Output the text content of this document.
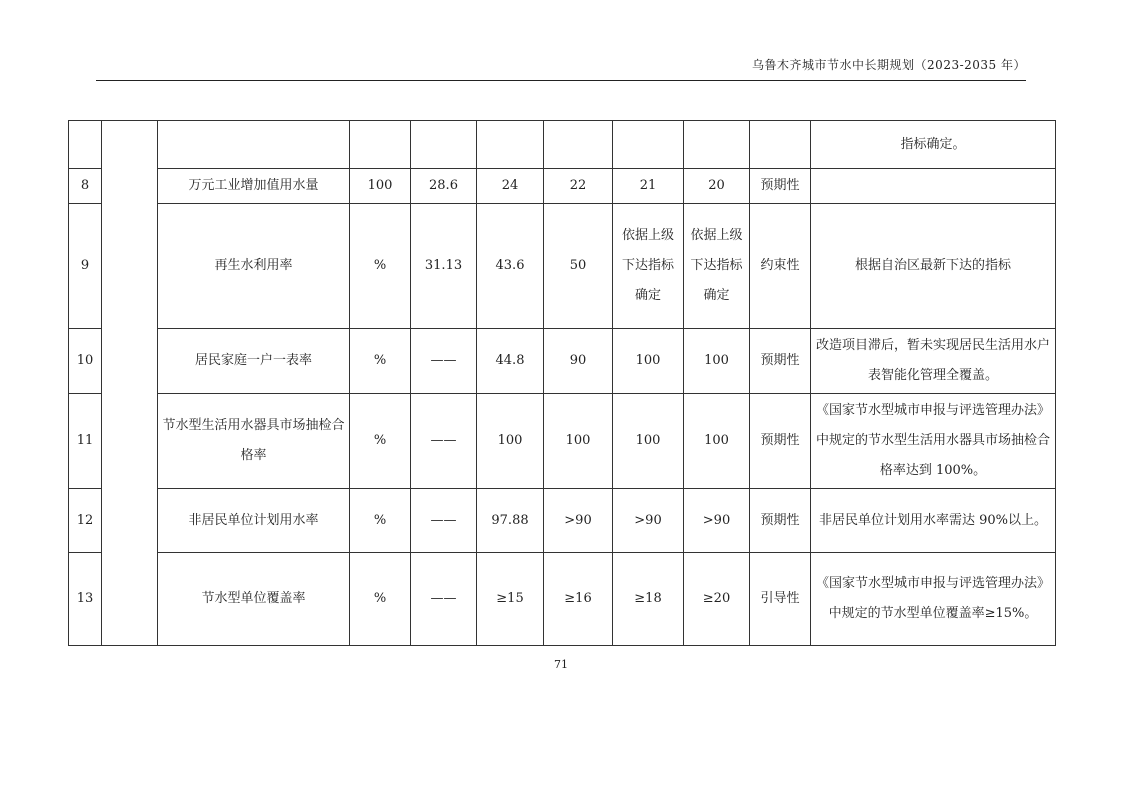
乌鲁木齐城市节水中长期规划（2023-2035 年）
										指标确定。
8		万元工业增加值用水量	100	28.6	24	22	21	20	预期性	
9		再生水利用率	%	31.13	43.6	50	依据上级下达指标确定	依据上级下达指标确定	约束性	根据自治区最新下达的指标
10		居民家庭一户一表率	%	——	44.8	90	100	100	预期性	改造项目滞后，暂未实现居民生活用水户表智能化管理全覆盖。
11		节水型生活用水器具市场抽检合格率	%	——	100	100	100	100	预期性	《国家节水型城市申报与评选管理办法》中规定的节水型生活用水器具市场抽检合格率达到 100%。
12		非居民单位计划用水率	%	——	97.88	>90	>90	>90	预期性	非居民单位计划用水率需达 90%以上。
13		节水型单位覆盖率	%	——	≥15	≥16	≥18	≥20	引导性	《国家节水型城市申报与评选管理办法》中规定的节水型单位覆盖率≥15%。
71
